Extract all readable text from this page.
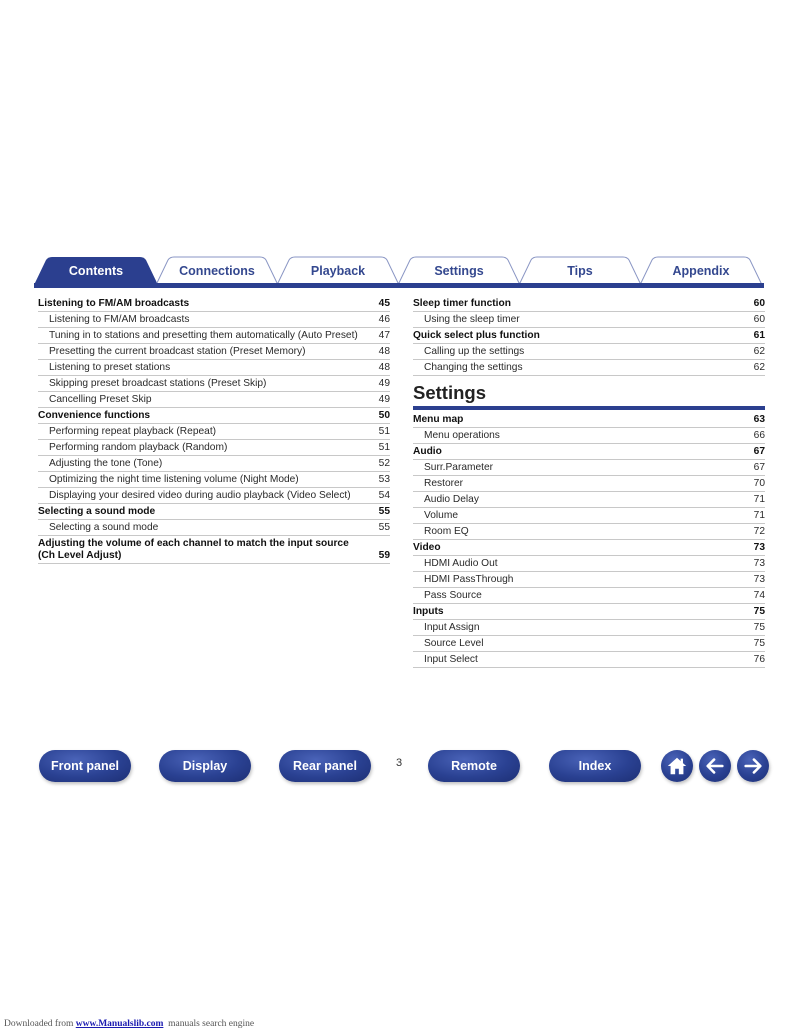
Contents	Connections	Playback	Settings	Tips	Appendix
Listening to FM/AM broadcasts	45
Listening to FM/AM broadcasts	46
Tuning in to stations and presetting them automatically (Auto Preset)	47
Presetting the current broadcast station (Preset Memory)	48
Listening to preset stations	48
Skipping preset broadcast stations (Preset Skip)	49
Cancelling Preset Skip	49
Convenience functions	50
Performing repeat playback (Repeat)	51
Performing random playback (Random)	51
Adjusting the tone (Tone)	52
Optimizing the night time listening volume (Night Mode)	53
Displaying your desired video during audio playback (Video Select)	54
Selecting a sound mode	55
Selecting a sound mode	55
Adjusting the volume of each channel to match the input source (Ch Level Adjust)	59
Sleep timer function	60
Using the sleep timer	60
Quick select plus function	61
Calling up the settings	62
Changing the settings	62
Settings
Menu map	63
Menu operations	66
Audio	67
Surr.Parameter	67
Restorer	70
Audio Delay	71
Volume	71
Room EQ	72
Video	73
HDMI Audio Out	73
HDMI PassThrough	73
Pass Source	74
Inputs	75
Input Assign	75
Source Level	75
Input Select	76
Front panel	Display	Rear panel	3	Remote	Index
Downloaded from www.Manualslib.com  manuals search engine
